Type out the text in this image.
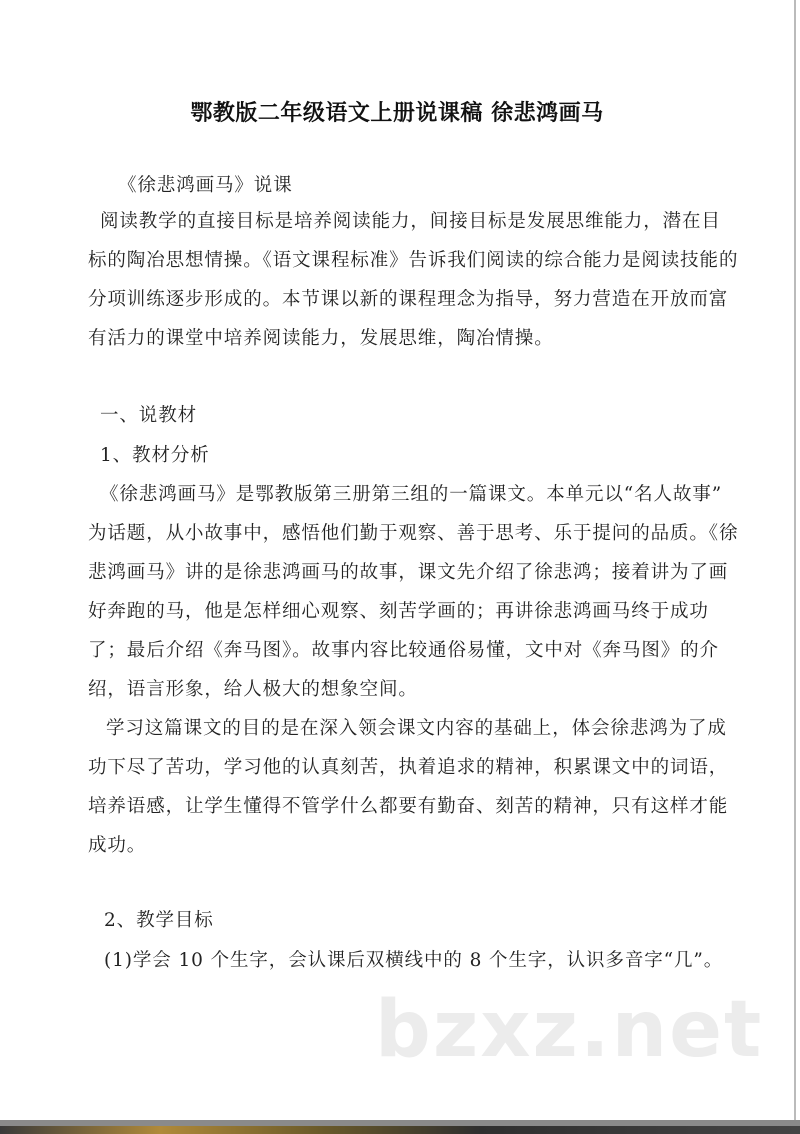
鄂教版二年级语文上册说课稿 徐悲鸿画马
《徐悲鸿画马》说课
阅读教学的直接目标是培养阅读能力，间接目标是发展思维能力，潜在目
标的陶冶思想情操。《语文课程标准》告诉我们阅读的综合能力是阅读技能的
分项训练逐步形成的。本节课以新的课程理念为指导，努力营造在开放而富
有活力的课堂中培养阅读能力，发展思维，陶冶情操。
一、说教材
1、教材分析
《徐悲鸿画马》是鄂教版第三册第三组的一篇课文。本单元以“名人故事”
为话题，从小故事中，感悟他们勤于观察、善于思考、乐于提问的品质。《徐
悲鸿画马》讲的是徐悲鸿画马的故事，课文先介绍了徐悲鸿；接着讲为了画
好奔跑的马，他是怎样细心观察、刻苦学画的；再讲徐悲鸿画马终于成功
了；最后介绍《奔马图》。故事内容比较通俗易懂，文中对《奔马图》的介
绍，语言形象，给人极大的想象空间。
学习这篇课文的目的是在深入领会课文内容的基础上，体会徐悲鸿为了成
功下尽了苦功，学习他的认真刻苦，执着追求的精神，积累课文中的词语，
培养语感，让学生懂得不管学什么都要有勤奋、刻苦的精神，只有这样才能
成功。
2、教学目标
(1)学会 10 个生字，会认课后双横线中的 8 个生字，认识多音字“几”。
bzxz.net
